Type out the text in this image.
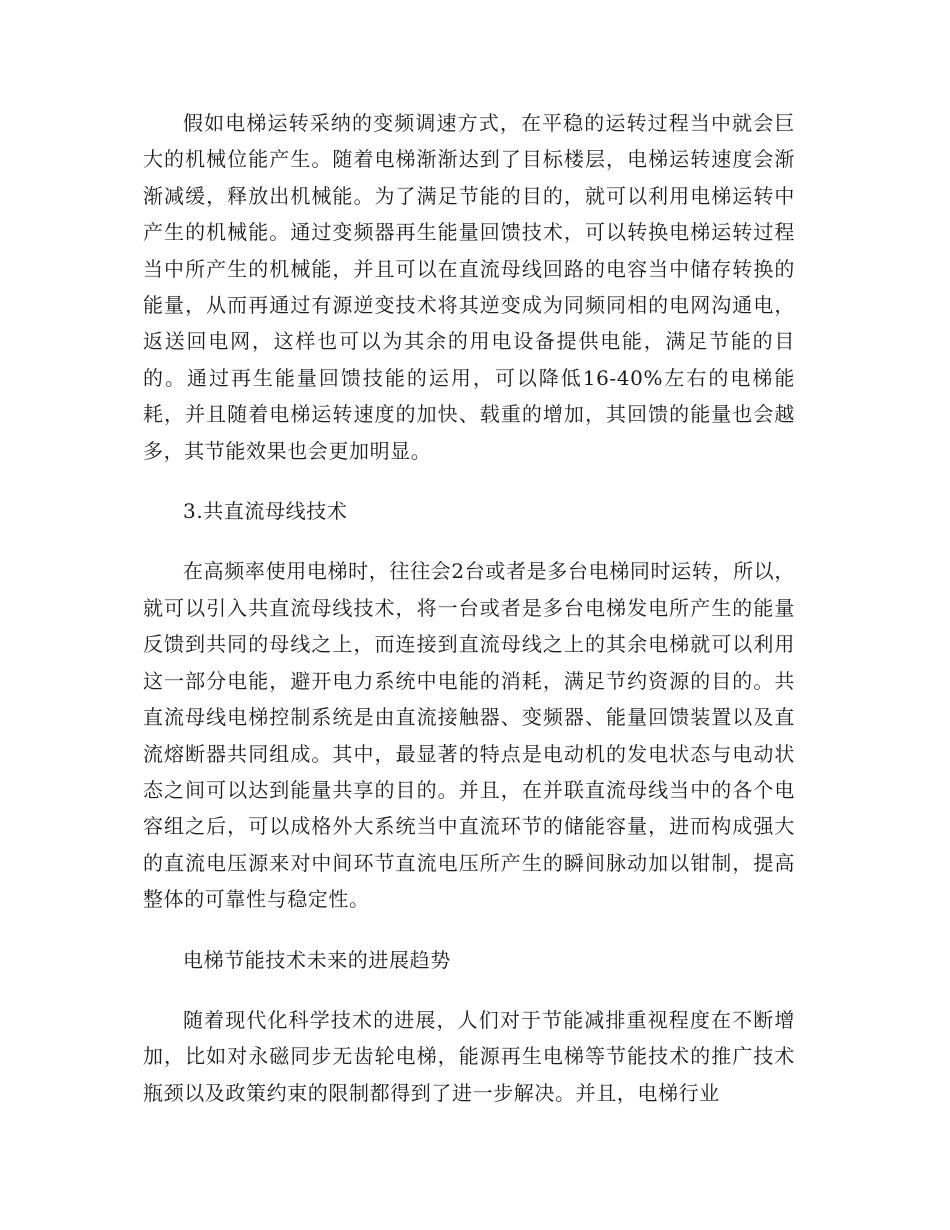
假如电梯运转采纳的变频调速方式，在平稳的运转过程当中就会巨大的机械位能产生。随着电梯渐渐达到了目标楼层，电梯运转速度会渐渐减缓，释放出机械能。为了满足节能的目的，就可以利用电梯运转中产生的机械能。通过变频器再生能量回馈技术，可以转换电梯运转过程当中所产生的机械能，并且可以在直流母线回路的电容当中储存转换的能量，从而再通过有源逆变技术将其逆变成为同频同相的电网沟通电，返送回电网，这样也可以为其余的用电设备提供电能，满足节能的目的。通过再生能量回馈技能的运用，可以降低16-40%左右的电梯能耗，并且随着电梯运转速度的加快、载重的增加，其回馈的能量也会越多，其节能效果也会更加明显。

3.共直流母线技术

在高频率使用电梯时，往往会2台或者是多台电梯同时运转，所以，就可以引入共直流母线技术，将一台或者是多台电梯发电所产生的能量反馈到共同的母线之上，而连接到直流母线之上的其余电梯就可以利用这一部分电能，避开电力系统中电能的消耗，满足节约资源的目的。共直流母线电梯控制系统是由直流接触器、变频器、能量回馈装置以及直流熔断器共同组成。其中，最显著的特点是电动机的发电状态与电动状态之间可以达到能量共享的目的。并且，在并联直流母线当中的各个电容组之后，可以成格外大系统当中直流环节的储能容量，进而构成强大的直流电压源来对中间环节直流电压所产生的瞬间脉动加以钳制，提高整体的可靠性与稳定性。

电梯节能技术未来的进展趋势

随着现代化科学技术的进展，人们对于节能减排重视程度在不断增加，比如对永磁同步无齿轮电梯，能源再生电梯等节能技术的推广技术瓶颈以及政策约束的限制都得到了进一步解决。并且，电梯行业
